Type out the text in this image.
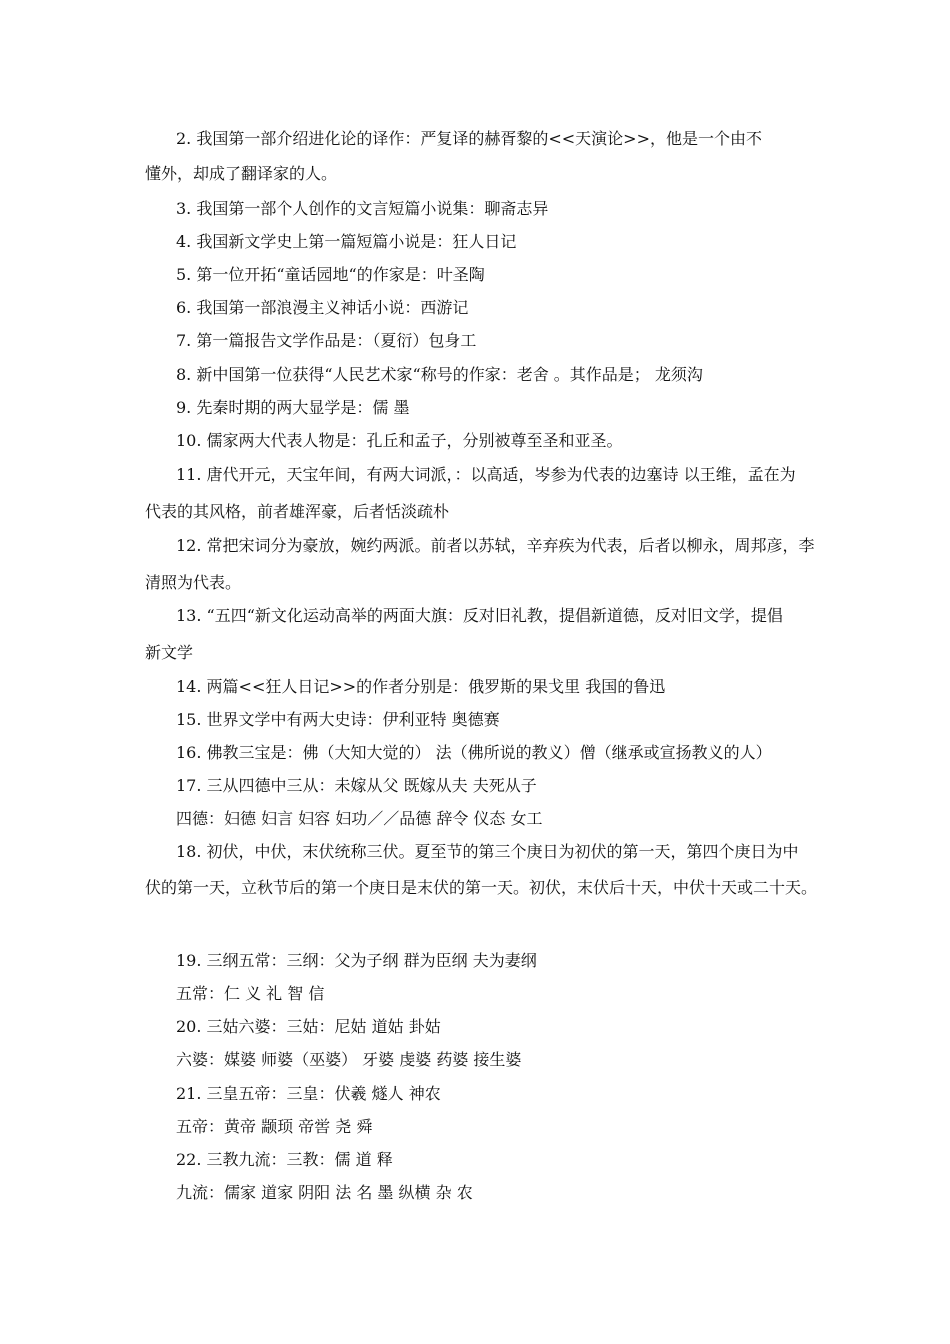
2. 我国第一部介绍进化论的译作：严复译的赫胥黎的<<天演论>>，他是一个由不
懂外，却成了翻译家的人。
3. 我国第一部个人创作的文言短篇小说集：聊斋志异
4. 我国新文学史上第一篇短篇小说是：狂人日记
5. 第一位开拓“童话园地“的作家是：叶圣陶
6. 我国第一部浪漫主义神话小说：西游记
7. 第一篇报告文学作品是：（夏衍）包身工
8. 新中国第一位获得“人民艺术家“称号的作家：老舍 。其作品是； 龙须沟
9. 先秦时期的两大显学是：儒 墨
10. 儒家两大代表人物是：孔丘和孟子，分别被尊至圣和亚圣。
11. 唐代开元，天宝年间，有两大词派，：以高适，岑参为代表的边塞诗 以王维，孟在为
代表的其风格，前者雄浑豪，后者恬淡疏朴
12. 常把宋词分为豪放，婉约两派。前者以苏轼，辛弃疾为代表，后者以柳永，周邦彦，李
清照为代表。
13. “五四“新文化运动高举的两面大旗：反对旧礼教，提倡新道德，反对旧文学，提倡
新文学
14. 两篇<<狂人日记>>的作者分别是：俄罗斯的果戈里 我国的鲁迅
15. 世界文学中有两大史诗：伊利亚特 奥德赛
16. 佛教三宝是：佛（大知大觉的） 法（佛所说的教义）僧（继承或宣扬教义的人）
17. 三从四德中三从：未嫁从父 既嫁从夫 夫死从子
四德：妇德 妇言 妇容 妇功／／品德 辞令 仪态 女工
18. 初伏，中伏，末伏统称三伏。夏至节的第三个庚日为初伏的第一天，第四个庚日为中
伏的第一天，立秋节后的第一个庚日是末伏的第一天。初伏，末伏后十天，中伏十天或二十天。
19. 三纲五常：三纲：父为子纲 群为臣纲 夫为妻纲
五常：仁 义 礼 智 信
20. 三姑六婆：三姑：尼姑 道姑 卦姑
六婆：媒婆 师婆（巫婆） 牙婆 虔婆 药婆 接生婆
21. 三皇五帝：三皇：伏羲 燧人 神农
五帝：黄帝 颛顼 帝喾 尧 舜
22. 三教九流：三教：儒 道 释
九流：儒家 道家 阴阳 法 名 墨 纵横 杂 农
